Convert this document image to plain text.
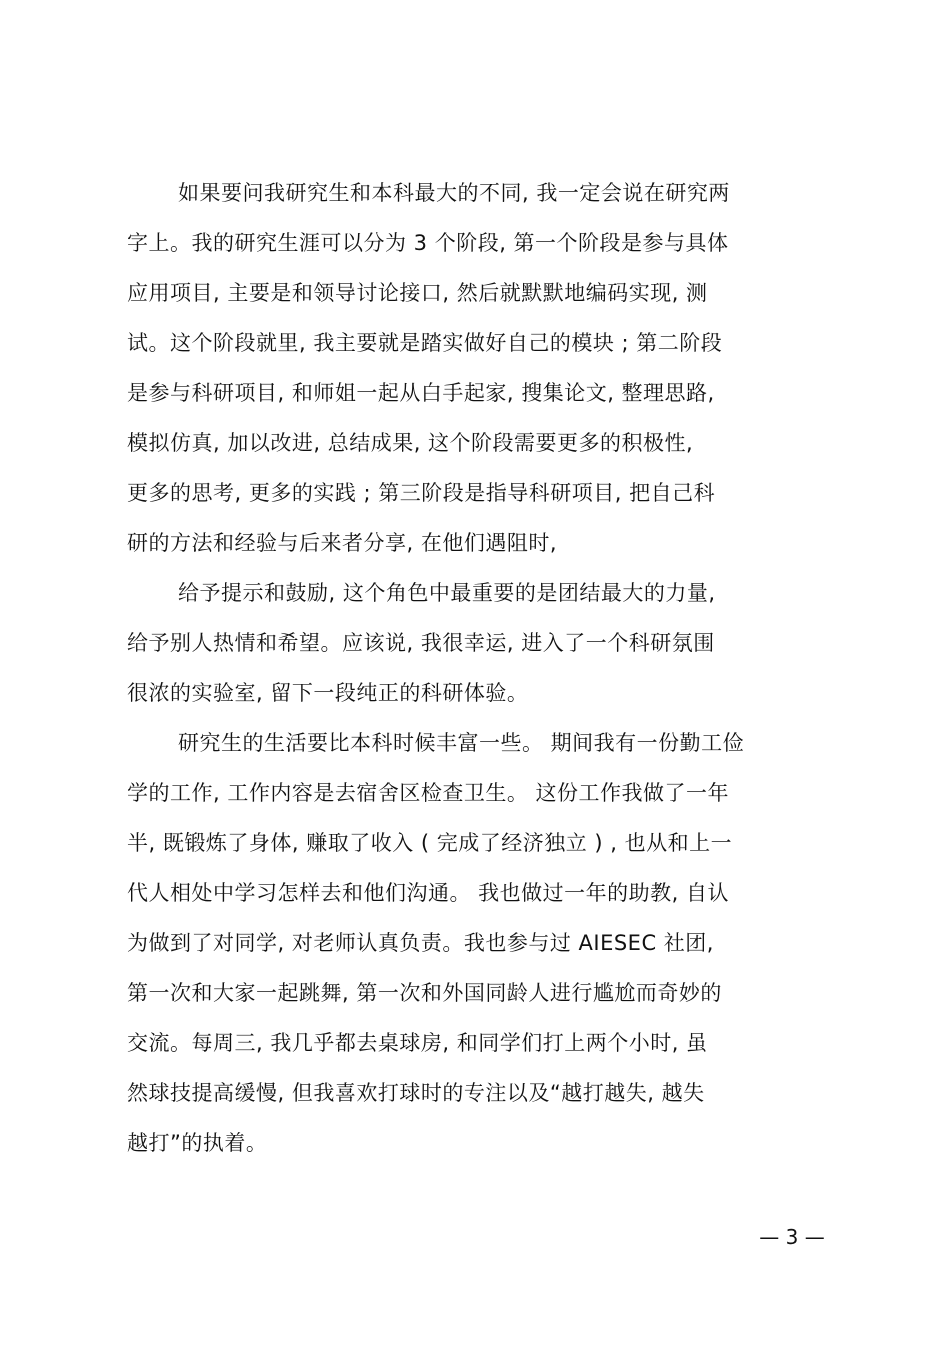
如果要问我研究生和本科最大的不同, 我一定会说在研究两
字上。我的研究生涯可以分为 3 个阶段, 第一个阶段是参与具体
应用项目, 主要是和领导讨论接口, 然后就默默地编码实现, 测
试。这个阶段就里, 我主要就是踏实做好自己的模块 ; 第二阶段
是参与科研项目, 和师姐一起从白手起家, 搜集论文, 整理思路,
模拟仿真, 加以改进, 总结成果, 这个阶段需要更多的积极性,
更多的思考, 更多的实践 ; 第三阶段是指导科研项目, 把自己科
研的方法和经验与后来者分享, 在他们遇阻时,
给予提示和鼓励, 这个角色中最重要的是团结最大的力量,
给予别人热情和希望。应该说, 我很幸运, 进入了一个科研氛围
很浓的实验室, 留下一段纯正的科研体验。
研究生的生活要比本科时候丰富一些。 期间我有一份勤工俭
学的工作, 工作内容是去宿舍区检查卫生。 这份工作我做了一年
半, 既锻炼了身体, 赚取了收入 ( 完成了经济独立 ) , 也从和上一
代人相处中学习怎样去和他们沟通。 我也做过一年的助教, 自认
为做到了对同学, 对老师认真负责。我也参与过 AIESEC 社团,
第一次和大家一起跳舞, 第一次和外国同龄人进行尴尬而奇妙的
交流。每周三, 我几乎都去桌球房, 和同学们打上两个小时, 虽
然球技提高缓慢, 但我喜欢打球时的专注以及“越打越失, 越失
越打”的执着。
— 3 —
